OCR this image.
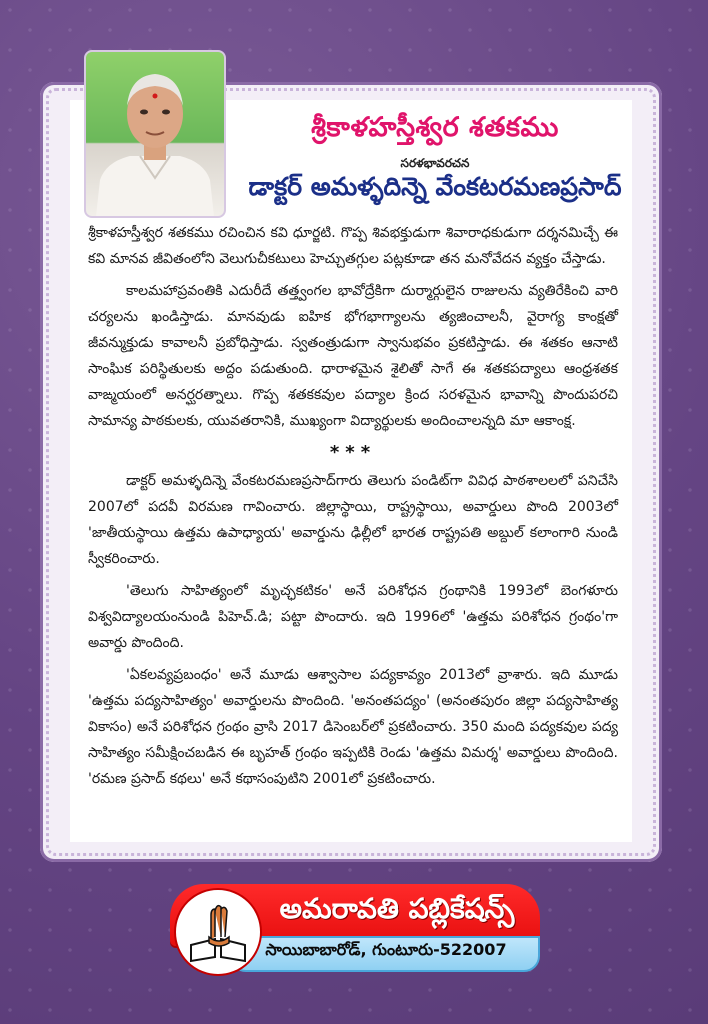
శ్రీకాళహస్తీశ్వర శతకము
సరళభావరచన
డాక్టర్ అమళ్ళదిన్నె వేంకటరమణప్రసాద్

శ్రీకాళహస్తీశ్వర శతకము రచించిన కవి ధూర్జటి. గొప్ప శివభక్తుడుగా శివారాధకుడుగా దర్శనమిచ్చే ఈ కవి మానవ జీవితంలోని వెలుగుచీకటులు హెచ్చుతగ్గుల పట్లకూడా తన మనోవేదన వ్యక్తం చేస్తాడు.

కాలమహాప్రవంతికి ఎదురీదే తత్త్వంగల భావోద్రేకిగా దుర్మార్గులైన రాజులను వ్యతిరేకించి వారి చర్యలను ఖండిస్తాడు. మానవుడు ఐహిక భోగభాగ్యాలను త్యజించాలనీ, వైరాగ్య కాంక్షతో జీవన్ముక్తుడు కావాలనీ ప్రబోధిస్తాడు. స్వతంత్రుడుగా స్వానుభవం ప్రకటిస్తాడు. ఈ శతకం ఆనాటి సాంఘిక పరిస్థితులకు అద్దం పడుతుంది. ధారాళమైన శైలితో సాగే ఈ శతకపద్యాలు ఆంధ్రశతక వాఙ్మయంలో అనర్ఘరత్నాలు. గొప్ప శతకకవుల పద్యాల క్రింద సరళమైన భావాన్ని పొందుపరచి సామాన్య పాఠకులకు, యువతరానికి, ముఖ్యంగా విద్యార్థులకు అందించాలన్నది మా ఆకాంక్ష.

***

డాక్టర్ అమళ్ళదిన్నె వేంకటరమణప్రసాద్‌గారు తెలుగు పండిట్‌గా వివిధ పాఠశాలలలో పనిచేసి 2007లో పదవీ విరమణ గావించారు. జిల్లాస్థాయి, రాష్ట్రస్థాయి, అవార్డులు పొంది 2003లో 'జాతీయస్థాయి ఉత్తమ ఉపాధ్యాయ' అవార్డును ఢిల్లీలో భారత రాష్ట్రపతి అబ్దుల్ కలాంగారి నుండి స్వీకరించారు.

'తెలుగు సాహిత్యంలో మృచ్ఛకటికం' అనే పరిశోధన గ్రంథానికి 1993లో బెంగళూరు విశ్వవిద్యాలయంనుండి పిహెచ్.డి; పట్టా పొందారు. ఇది 1996లో 'ఉత్తమ పరిశోధన గ్రంథం'గా అవార్డు పొందింది.

'ఏకలవ్యప్రబంధం' అనే మూడు ఆశ్వాసాల పద్యకావ్యం 2013లో వ్రాశారు. ఇది మూడు 'ఉత్తమ పద్యసాహిత్యం' అవార్డులను పొందింది. 'అనంతపద్యం' (అనంతపురం జిల్లా పద్యసాహిత్య వికాసం) అనే పరిశోధన గ్రంథం వ్రాసి 2017 డిసెంబర్‌లో ప్రకటించారు. 350 మంది పద్యకవుల పద్య సాహిత్యం సమీక్షించబడిన ఈ బృహత్ గ్రంథం ఇప్పటికి రెండు 'ఉత్తమ విమర్శ' అవార్డులు పొందింది. 'రమణ ప్రసాద్ కథలు' అనే కథాసంపుటిని 2001లో ప్రకటించారు.

అమరావతి పబ్లికేషన్స్
సాయిబాబారోడ్, గుంటూరు-522007
